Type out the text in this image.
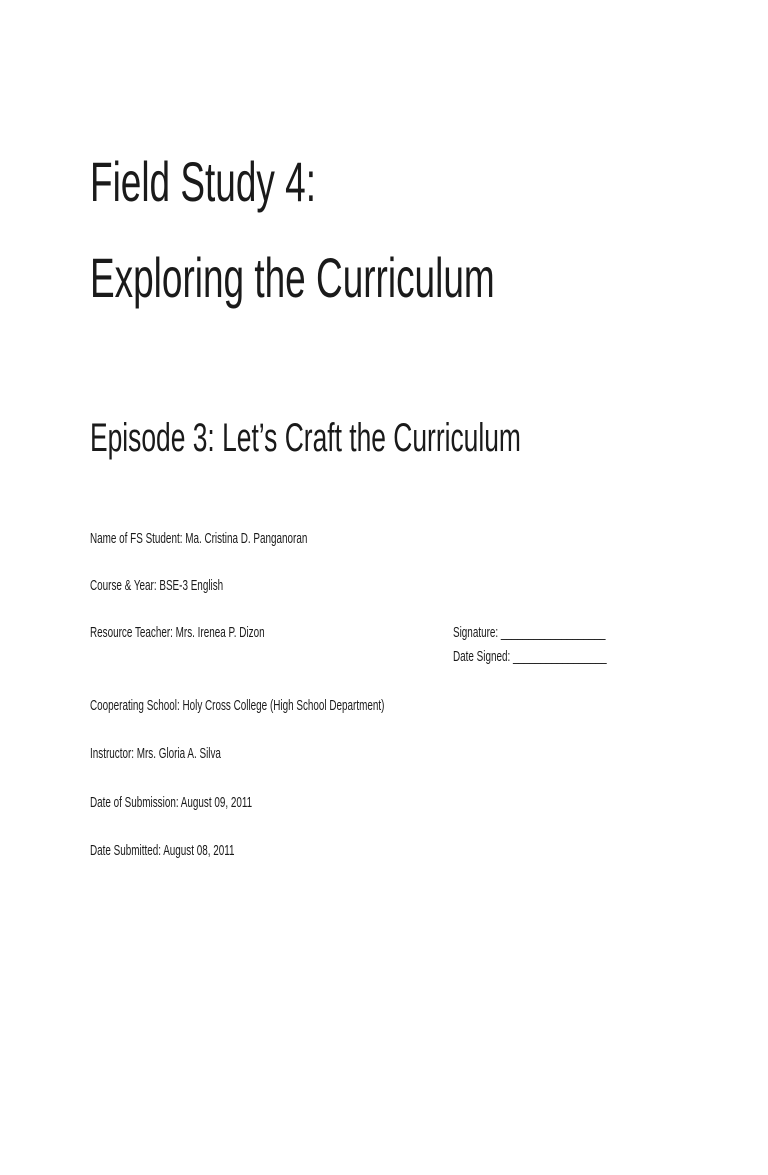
Field Study 4:
Exploring the Curriculum
Episode 3: Let’s Craft the Curriculum
Name of FS Student: Ma. Cristina D. Panganoran
Course & Year: BSE-3 English
Resource Teacher: Mrs. Irenea P. Dizon	Signature: ___________________
Date Signed: _________________
Cooperating School: Holy Cross College (High School Department)
Instructor: Mrs. Gloria A. Silva
Date of Submission: August 09, 2011
Date Submitted: August 08, 2011
